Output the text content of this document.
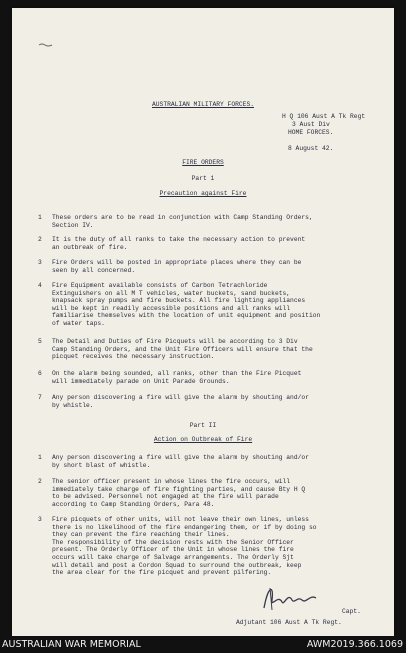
AUSTRALIAN MILITARY FORCES.
H Q 106 Aust A Tk Regt
3 Aust Div
HOME FORCES.
8 August 42.
FIRE ORDERS
Part 1
Precaution against Fire
1 These orders are to be read in conjunction with Camp Standing Orders,
Section IV.
2 It is the duty of all ranks to take the necessary action to prevent
an outbreak of fire.
3 Fire Orders will be posted in appropriate places where they can be
seen by all concerned.
4 Fire Equipment available consists of Carbon Tetrachloride
Extinguishers on all M T vehicles, water buckets, sand buckets,
knapsack spray pumps and fire buckets. All fire lighting appliances
will be kept in readily accessible positions and all ranks will
familiarise themselves with the location of unit equipment and position
of water taps.
5 The Detail and Duties of Fire Picquets will be according to 3 Div
Camp Standing Orders, and the Unit Fire Officers will ensure that the
picquet receives the necessary instruction.
6 On the alarm being sounded, all ranks, other than the Fire Picquet
will immediately parade on Unit Parade Grounds.
7 Any person discovering a fire will give the alarm by shouting and/or
by whistle.
Part II
Action on Outbreak of Fire
1 Any person discovering a fire will give the alarm by shouting and/or
by short blast of whistle.
2 The senior officer present in whose lines the fire occurs, will
immediately take charge of fire fighting parties, and cause Bty H Q
to be advised. Personnel not engaged at the fire will parade
according to Camp Standing Orders, Para 48.
3 Fire picquets of other units, will not leave their own lines, unless
there is no likelihood of the fire endangering them, or if by doing so
they can prevent the fire reaching their lines.
The responsibility of the decision rests with the Senior Officer
present. The Orderly Officer of the Unit in whose lines the fire
occurs will take charge of Salvage arrangements. The Orderly Sjt
will detail and post a Cordon Squad to surround the outbreak, keep
the area clear for the fire picquet and prevent pilfering.
Capt.
Adjutant 106 Aust A Tk Regt.
AUSTRALIAN WAR MEMORIAL	AWM2019.366.1069
